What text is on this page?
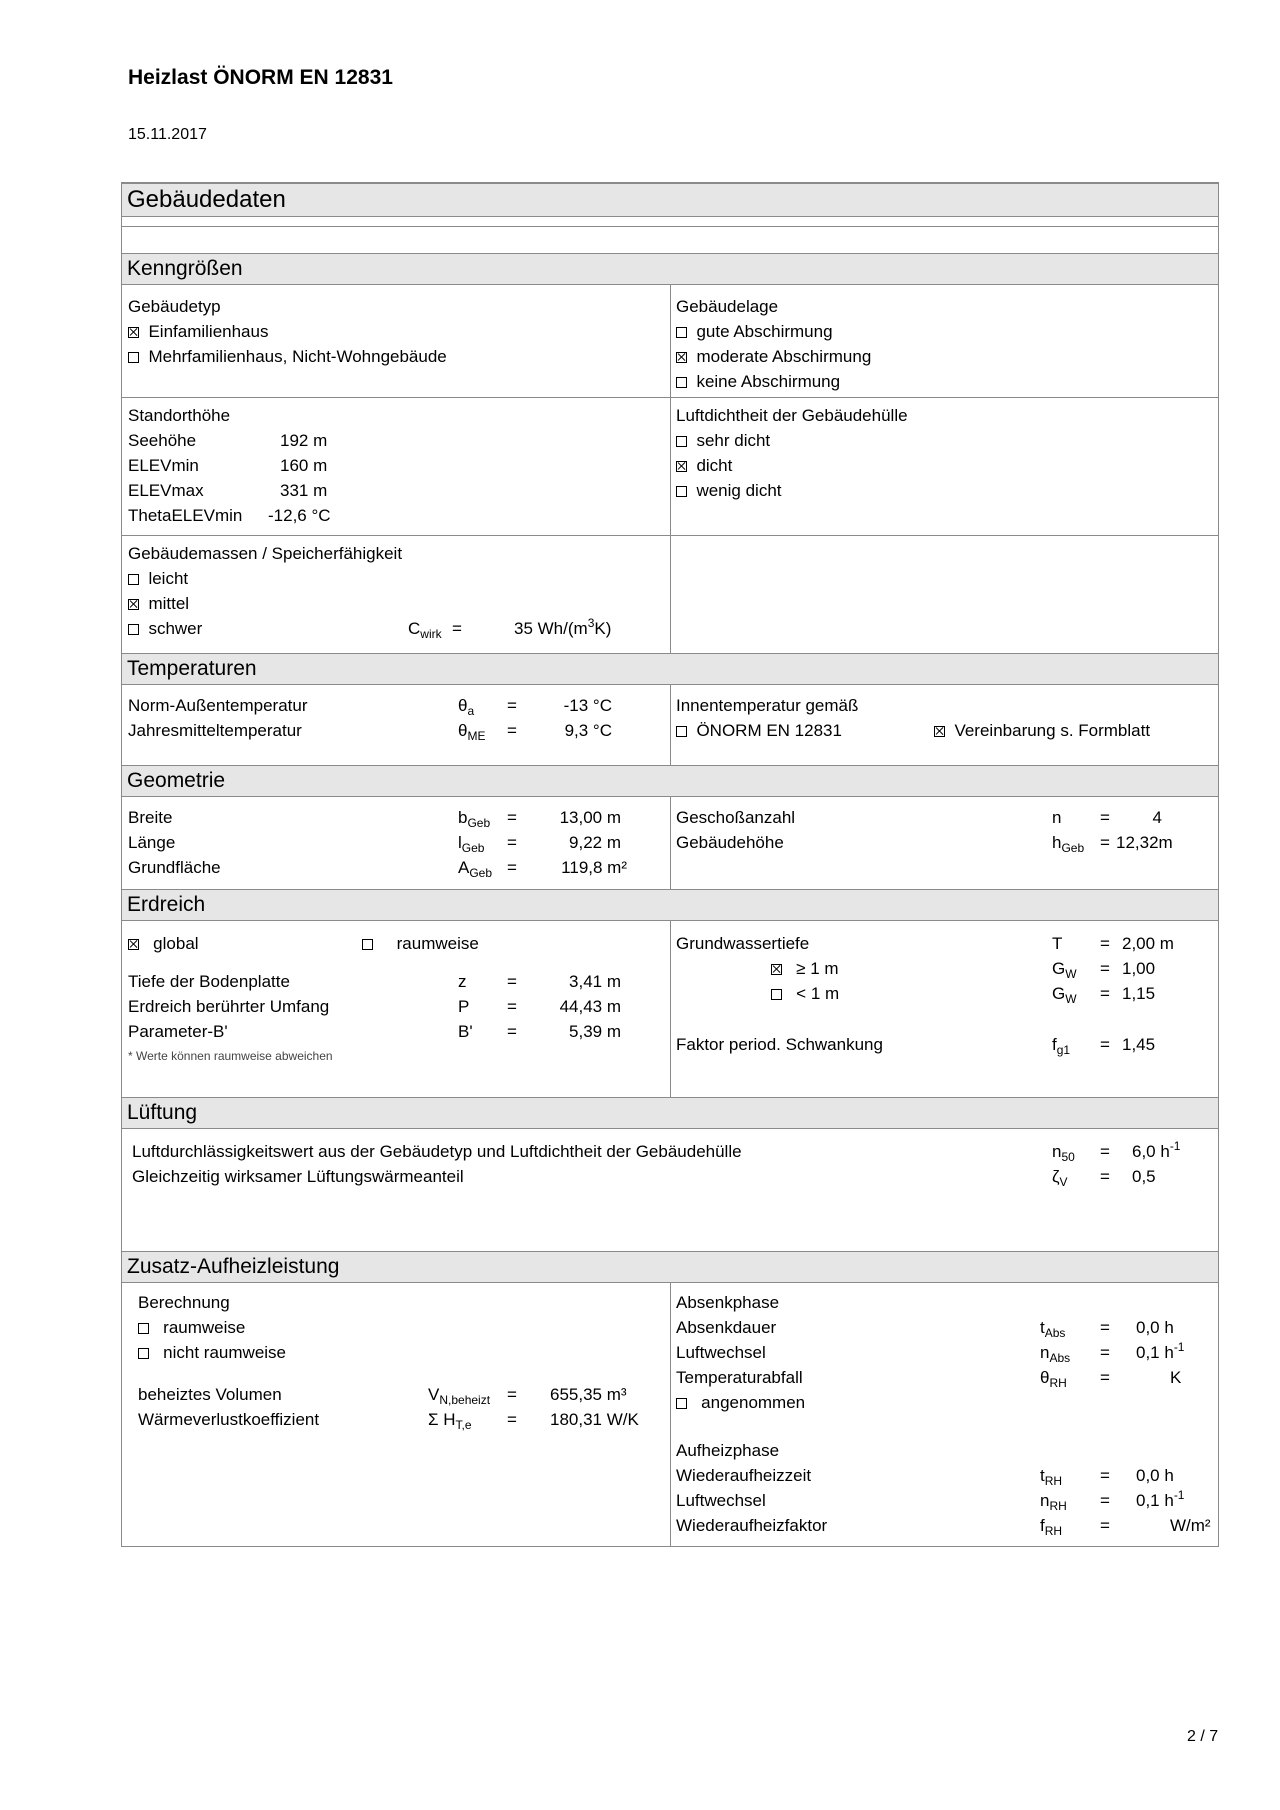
Heizlast ÖNORM EN 12831
15.11.2017
Gebäudedaten
Kenngrößen
Gebäudetyp
Einfamilienhaus
Mehrfamilienhaus, Nicht-Wohngebäude
Gebäudelage
gute Abschirmung
moderate Abschirmung
keine Abschirmung
Standorthöhe
Seehöhe	192 m
ELEVmin	160 m
ELEVmax	331 m
ThetaELEVmin -12,6 °C
Luftdichtheit der Gebäudehülle
sehr dicht
dicht
wenig dicht
Gebäudemassen / Speicherfähigkeit
leicht
mittel
schwer	$C_{wirk}$ =	35 $Wh/(m^3K)$
Temperaturen
Norm-Außentemperatur	$\theta_a$ =	-13 °C
Jahresmitteltemperatur	$\theta_{ME}$ =	9,3 °C
Innentemperatur gemäß
ÖNORM EN 12831	Vereinbarung s. Formblatt
Geometrie
Breite	$b_{Geb}$ =	13,00 m
Länge	$l_{Geb}$ =	9,22 m
Grundfläche	$A_{Geb}$ =	119,8 m²
Geschoßanzahl	n =	4
Gebäudehöhe	$h_{Geb} = 12,32m$
Erdreich
global	raumweise
Tiefe der Bodenplatte	z =	3,41 m
Erdreich berührter Umfang	P =	44,43 m
Parameter-B'	B' =	5,39 m
* Werte können raumweise abweichen
Grundwassertiefe	T = 2,00 m
≥ 1 m	$G_W = 1,00$
< 1 m	$G_W = 1,15$
Faktor period. Schwankung	$f_{g1} = 1,45$
Lüftung
Luftdurchlässigkeitswert aus der Gebäudetyp und Luftdichtheit der Gebäudehülle	$n_{50} = 6,0$ $h^{-1}$
Gleichzeitig wirksamer Lüftungswärmeanteil	$\zeta_V = 0,5$
Zusatz-Aufheizleistung
Berechnung
raumweise
nicht raumweise
beheiztes Volumen	$V_{N,beheizt} = 655,35$ m³
Wärmeverlustkoeffizient	Σ $H_{T,e} = 180,31$ W/K
Absenkphase
Absenkdauer	$t_{Abs} = 0,0$ h
Luftwechsel	$n_{Abs} = 0,1$ $h^{-1}$
Temperaturabfall	$\theta_{RH}$ =	K
angenommen
Aufheizphase
Wiederaufheizzeit	$t_{RH} = 0,0$ h
Luftwechsel	$n_{RH} = 0,1$ $h^{-1}$
Wiederaufheizfaktor	$f_{RH}$ =	W/m²
2 / 7
